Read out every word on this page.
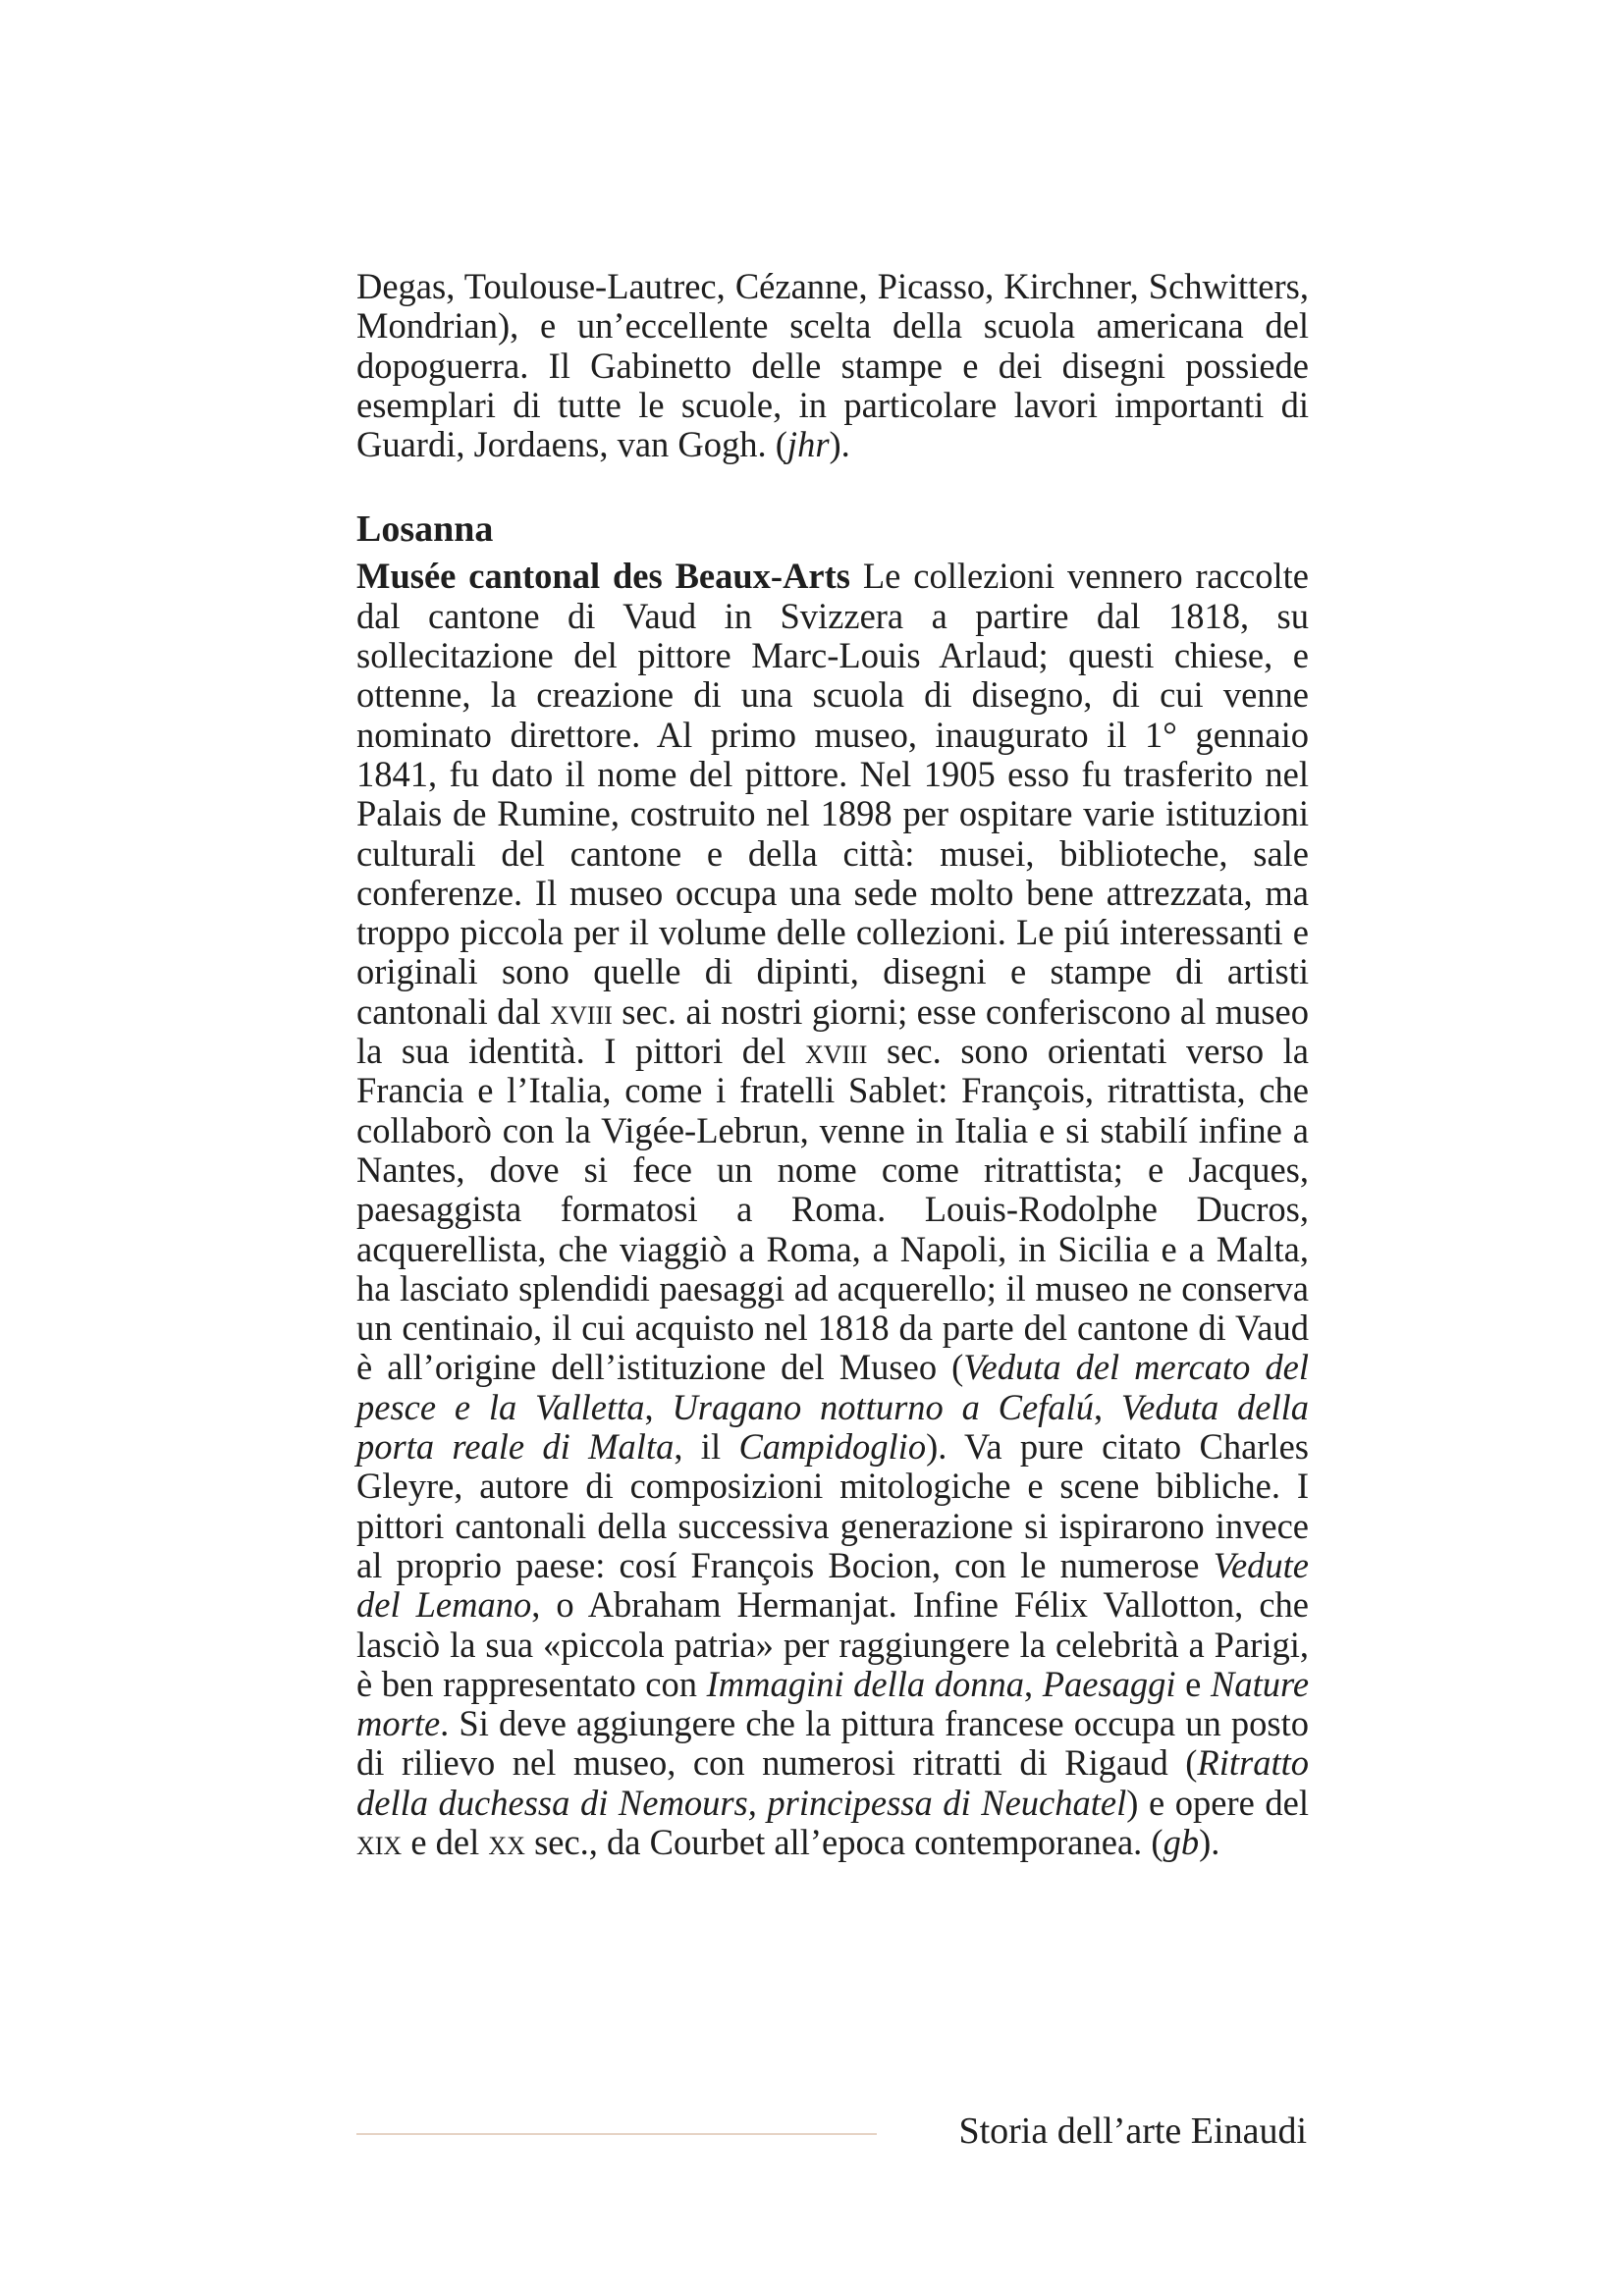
Degas, Toulouse-Lautrec, Cézanne, Picasso, Kirchner, Schwitters, Mondrian), e un’eccellente scelta della scuola americana del dopoguerra. Il Gabinetto delle stampe e dei disegni possiede esemplari di tutte le scuole, in particolare lavori importanti di Guardi, Jordaens, van Gogh. (jhr).

Losanna

Musée cantonal des Beaux-Arts Le collezioni vennero raccolte dal cantone di Vaud in Svizzera a partire dal 1818, su sollecitazione del pittore Marc-Louis Arlaud; questi chiese, e ottenne, la creazione di una scuola di disegno, di cui venne nominato direttore. Al primo museo, inaugurato il 1° gennaio 1841, fu dato il nome del pittore. Nel 1905 esso fu trasferito nel Palais de Rumine, costruito nel 1898 per ospitare varie istituzioni culturali del cantone e della città: musei, biblioteche, sale conferenze. Il museo occupa una sede molto bene attrezzata, ma troppo piccola per il volume delle collezioni. Le piú interessanti e originali sono quelle di dipinti, disegni e stampe di artisti cantonali dal xviii sec. ai nostri giorni; esse conferiscono al museo la sua identità. I pittori del xviii sec. sono orientati verso la Francia e l’Italia, come i fratelli Sablet: François, ritrattista, che collaborò con la Vigée-Lebrun, venne in Italia e si stabilí infine a Nantes, dove si fece un nome come ritrattista; e Jacques, paesaggista formatosi a Roma. Louis-Rodolphe Ducros, acquerellista, che viaggiò a Roma, a Napoli, in Sicilia e a Malta, ha lasciato splendidi paesaggi ad acquerello; il museo ne conserva un centinaio, il cui acquisto nel 1818 da parte del cantone di Vaud è all’origine dell’istituzione del Museo (Veduta del mercato del pesce e la Valletta, Uragano notturno a Cefalú, Veduta della porta reale di Malta, il Campidoglio). Va pure citato Charles Gleyre, autore di composizioni mitologiche e scene bibliche. I pittori cantonali della successiva generazione si ispirarono invece al proprio paese: cosí François Bocion, con le numerose Vedute del Lemano, o Abraham Hermanjat. Infine Félix Vallotton, che lasciò la sua «piccola patria» per raggiungere la celebrità a Parigi, è ben rappresentato con Immagini della donna, Paesaggi e Nature morte. Si deve aggiungere che la pittura francese occupa un posto di rilievo nel museo, con numerosi ritratti di Rigaud (Ritratto della duchessa di Nemours, principessa di Neuchatel) e opere del xix e del xx sec., da Courbet all’epoca contemporanea. (gb).

Storia dell’arte Einaudi
